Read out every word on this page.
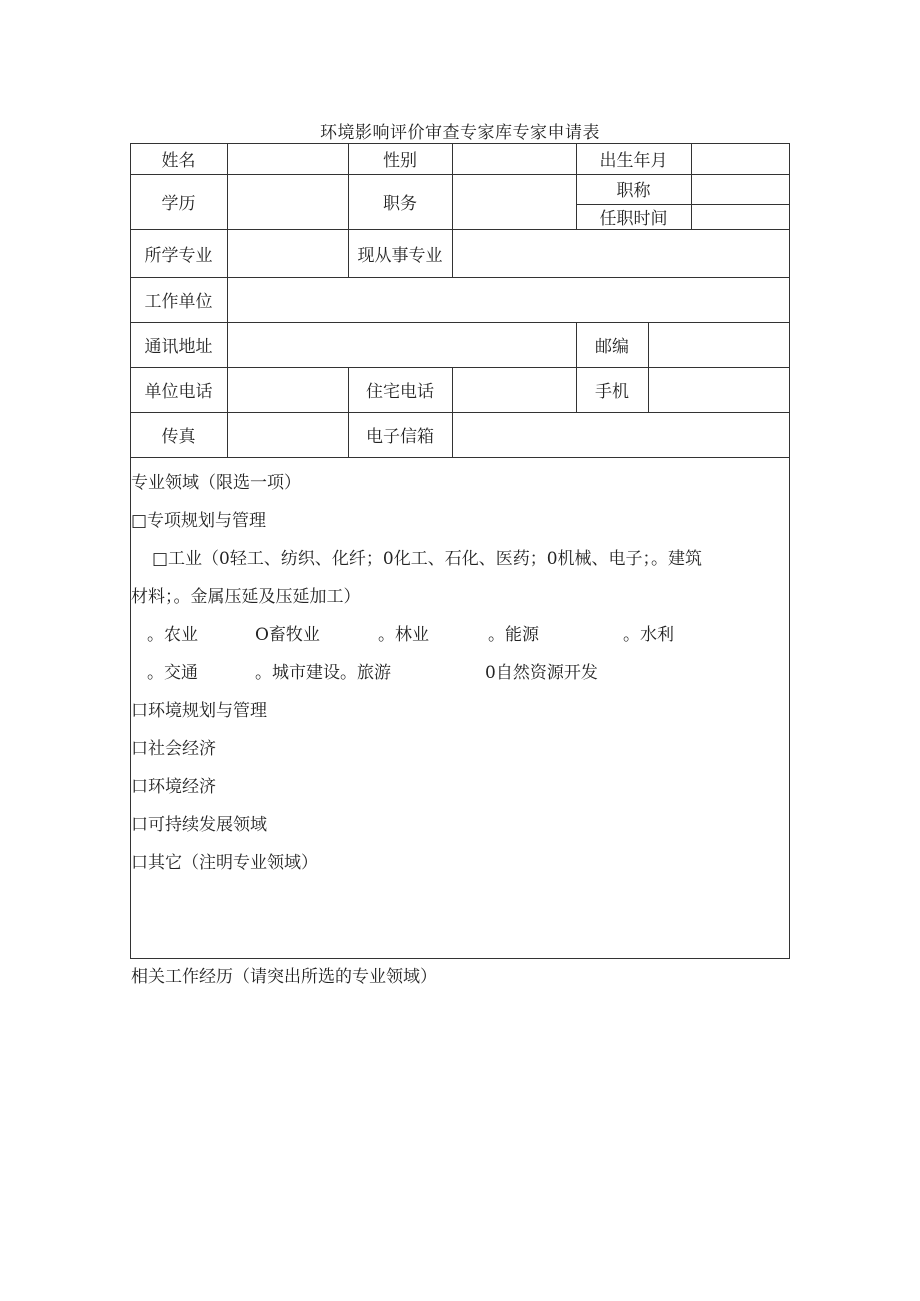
环境影响评价审查专家库专家申请表
姓名	性别	出生年月
学历	职务
职称
任职时间
所学专业	现从事专业
工作单位
通讯地址	邮编
单位电话	住宅电话	手机
传真	电子信箱
专业领域（限选一项）
□专项规划与管理
□工业（0轻工、纺织、化纤；0化工、石化、医药；0机械、电子；。建筑
材料；。金属压延及压延加工）
。农业	O畜牧业	。林业	。能源	。水利
。交通	。城市建设。旅游	0自然资源开发
口环境规划与管理
口社会经济
口环境经济
口可持续发展领域
口其它（注明专业领域）
相关工作经历（请突出所选的专业领域）
